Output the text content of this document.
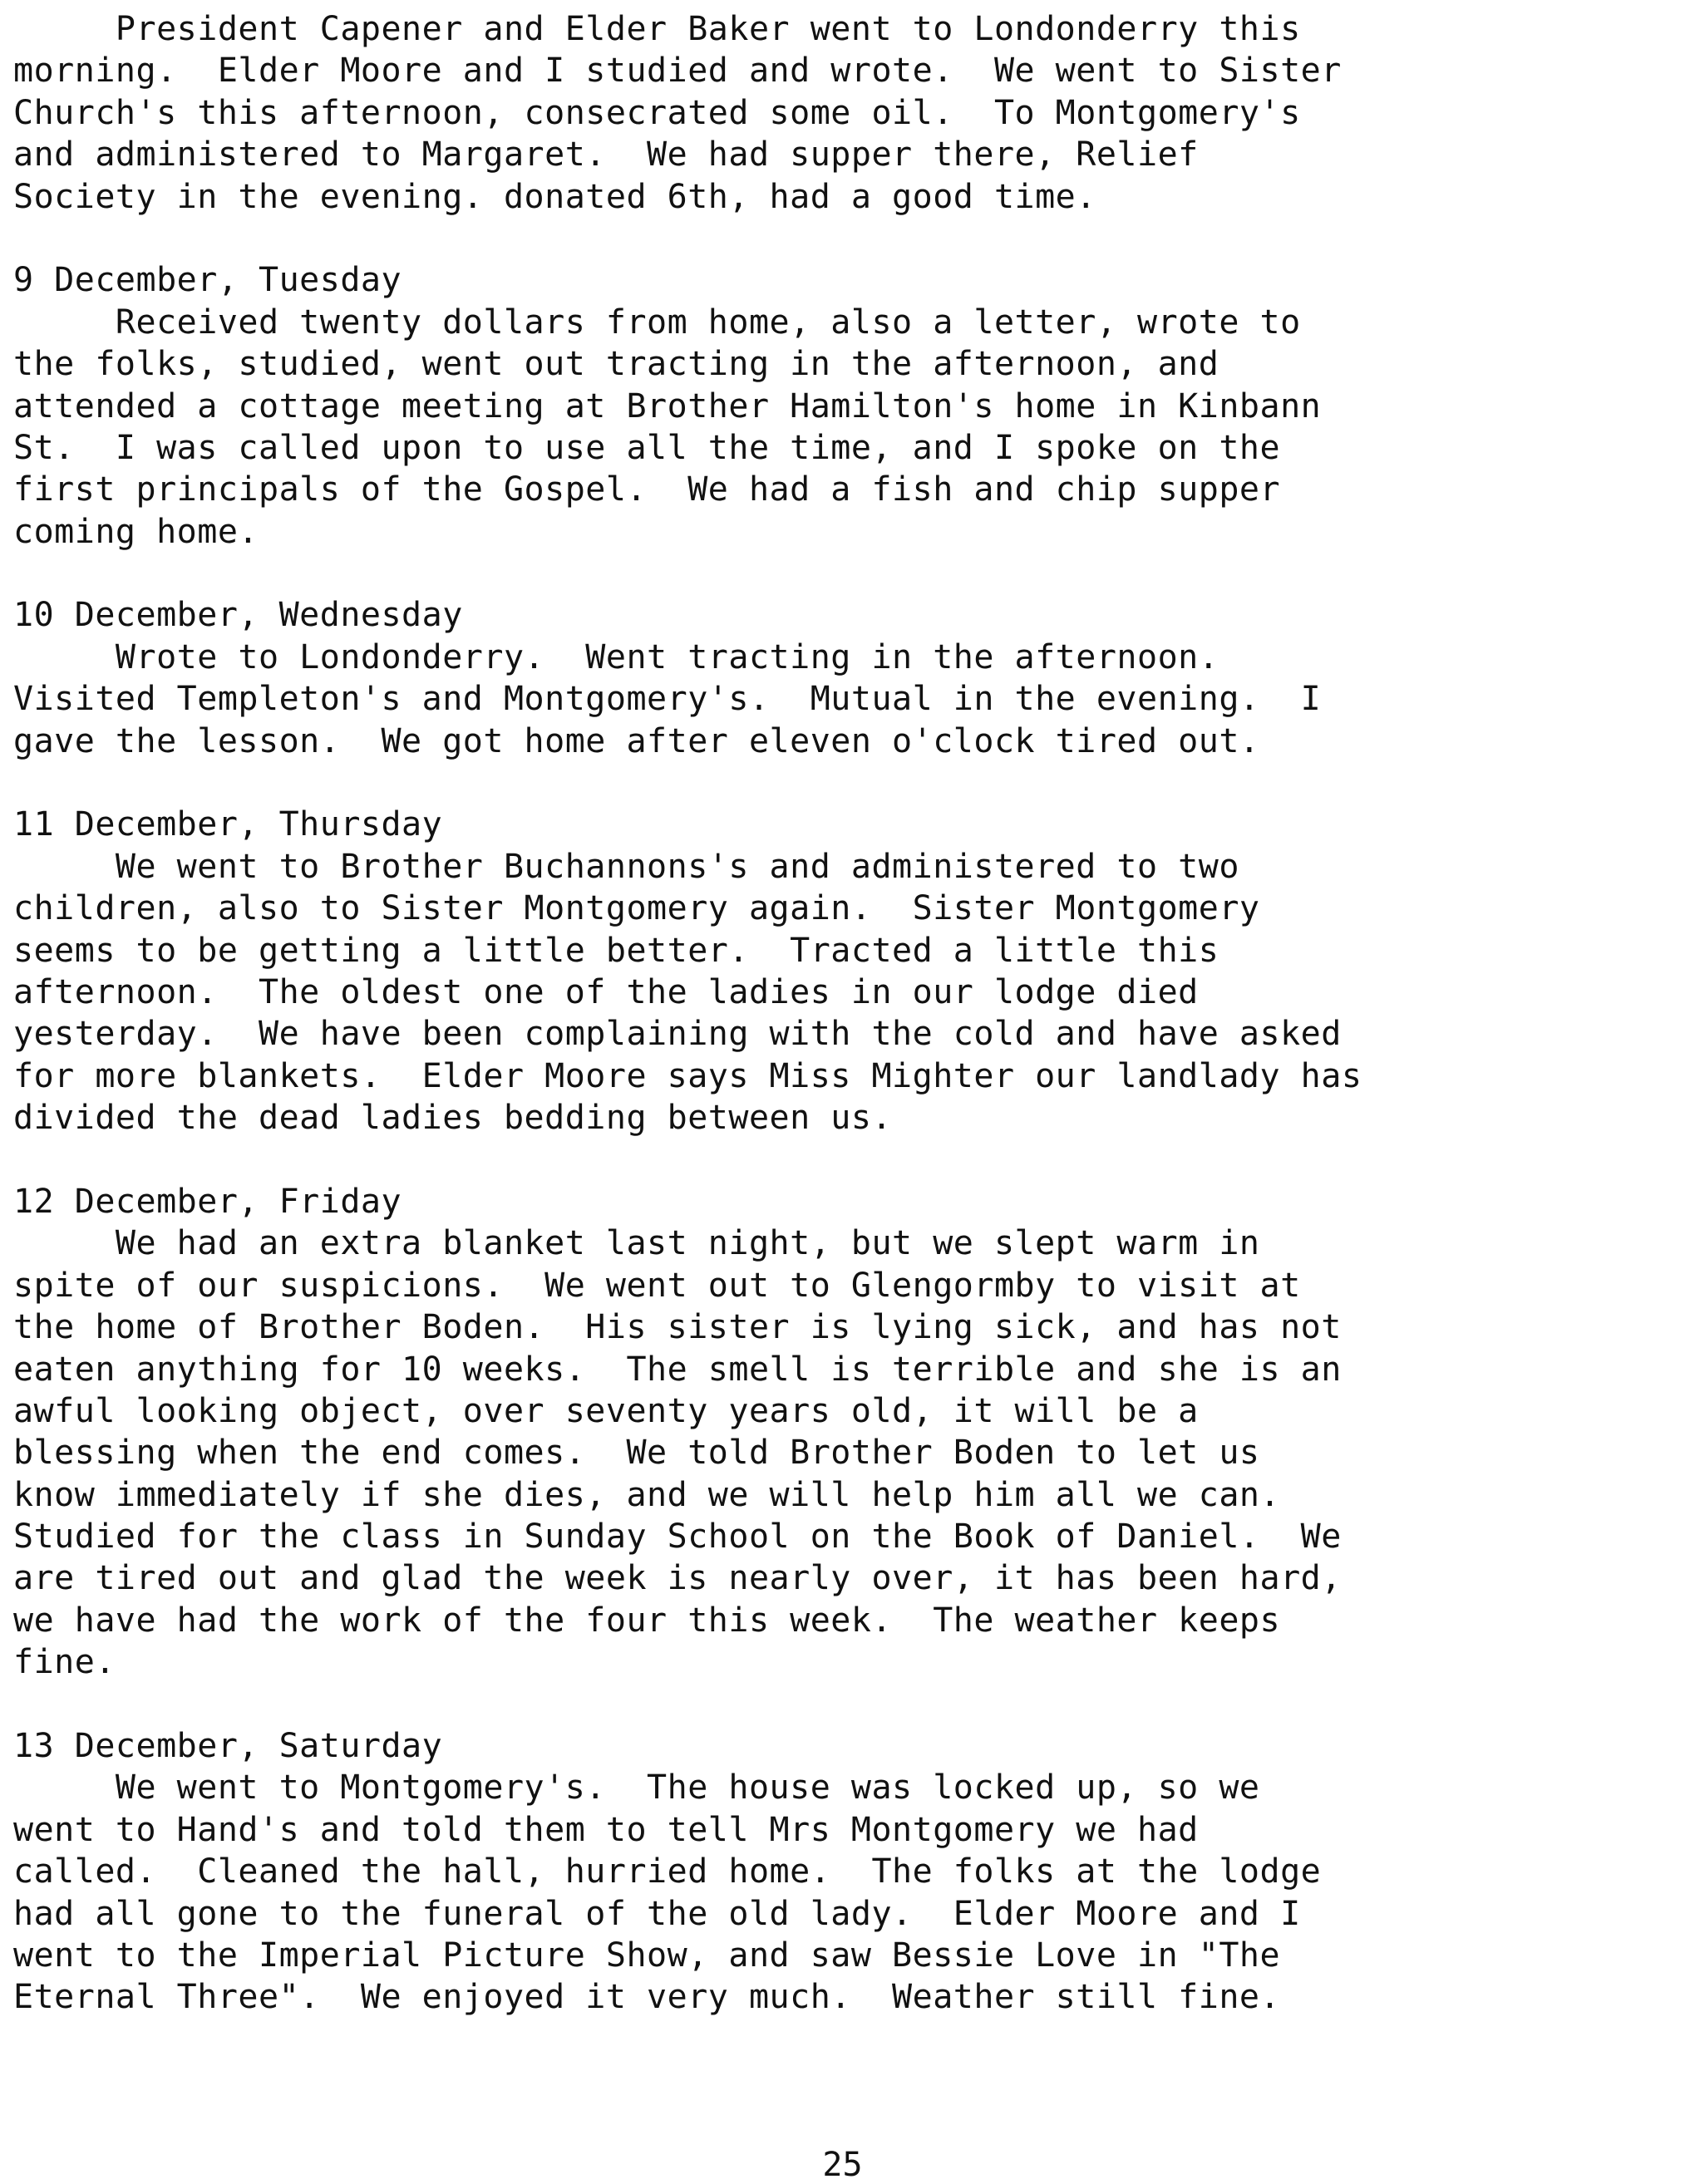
President Capener and Elder Baker went to Londonderry this
morning.  Elder Moore and I studied and wrote.  We went to Sister
Church's this afternoon, consecrated some oil.  To Montgomery's
and administered to Margaret.  We had supper there, Relief
Society in the evening. donated 6th, had a good time.
9 December, Tuesday
Received twenty dollars from home, also a letter, wrote to
the folks, studied, went out tracting in the afternoon, and
attended a cottage meeting at Brother Hamilton's home in Kinbann
St.  I was called upon to use all the time, and I spoke on the
first principals of the Gospel.  We had a fish and chip supper
coming home.
10 December, Wednesday
Wrote to Londonderry.  Went tracting in the afternoon.
Visited Templeton's and Montgomery's.  Mutual in the evening.  I
gave the lesson.  We got home after eleven o'clock tired out.
11 December, Thursday
We went to Brother Buchannons's and administered to two
children, also to Sister Montgomery again.  Sister Montgomery
seems to be getting a little better.  Tracted a little this
afternoon.  The oldest one of the ladies in our lodge died
yesterday.  We have been complaining with the cold and have asked
for more blankets.  Elder Moore says Miss Mighter our landlady has
divided the dead ladies bedding between us.
12 December, Friday
We had an extra blanket last night, but we slept warm in
spite of our suspicions.  We went out to Glengormby to visit at
the home of Brother Boden.  His sister is lying sick, and has not
eaten anything for 10 weeks.  The smell is terrible and she is an
awful looking object, over seventy years old, it will be a
blessing when the end comes.  We told Brother Boden to let us
know immediately if she dies, and we will help him all we can.
Studied for the class in Sunday School on the Book of Daniel.  We
are tired out and glad the week is nearly over, it has been hard,
we have had the work of the four this week.  The weather keeps
fine.
13 December, Saturday
We went to Montgomery's.  The house was locked up, so we
went to Hand's and told them to tell Mrs Montgomery we had
called.  Cleaned the hall, hurried home.  The folks at the lodge
had all gone to the funeral of the old lady.  Elder Moore and I
went to the Imperial Picture Show, and saw Bessie Love in "The
Eternal Three".  We enjoyed it very much.  Weather still fine.
25
